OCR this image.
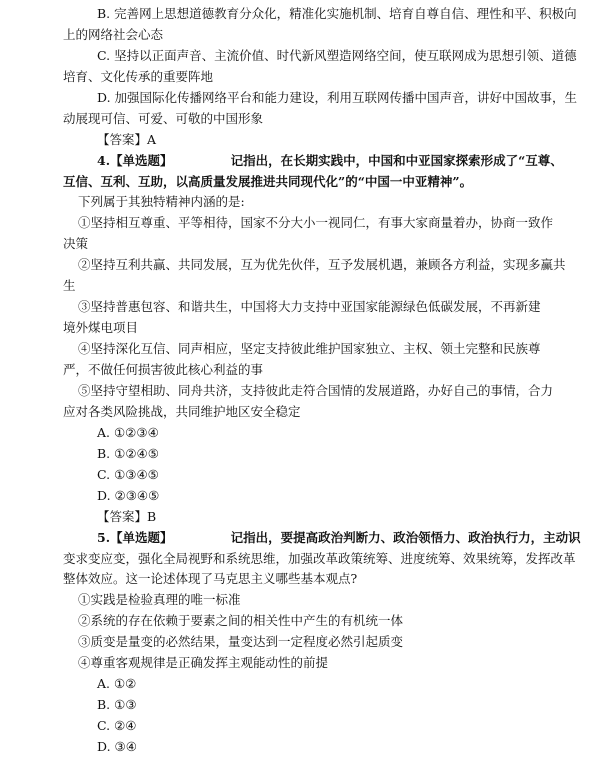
B. 完善网上思想道德教育分众化，精准化实施机制、培育自尊自信、理性和平、积极向
上的网络社会心态
C. 坚持以正面声音、主流价值、时代新风塑造网络空间，使互联网成为思想引领、道德
培育、文化传承的重要阵地
D. 加强国际化传播网络平台和能力建设，利用互联网传播中国声音，讲好中国故事，生
动展现可信、可爱、可敬的中国形象
【答案】A
4.【单选题】	记指出，在长期实践中，中国和中亚国家探索形成了“互尊、
互信、互利、互助，以高质量发展推进共同现代化”的“中国一中亚精神”。
下列属于其独特精神内涵的是:
①坚持相互尊重、平等相待，国家不分大小一视同仁，有事大家商量着办，协商一致作
决策
②坚持互利共赢、共同发展，互为优先伙伴，互予发展机遇，兼顾各方利益，实现多赢共
生
③坚持普惠包容、和谐共生，中国将大力支持中亚国家能源绿色低碳发展，不再新建
境外煤电项目
④坚持深化互信、同声相应，坚定支持彼此维护国家独立、主权、领土完整和民族尊
严，不做任何损害彼此核心利益的事
⑤坚持守望相助、同舟共济，支持彼此走符合国情的发展道路，办好自己的事情，合力
应对各类风险挑战，共同维护地区安全稳定
A. ①②③④
B. ①②④⑤
C. ①③④⑤
D. ②③④⑤
【答案】B
5.【单选题】	记指出，要提高政治判断力、政治领悟力、政治执行力，主动识
变求变应变，强化全局视野和系统思维，加强改革政策统筹、进度统筹、效果统筹，发挥改革
整体效应。这一论述体现了马克思主义哪些基本观点?
①实践是检验真理的唯一标准
②系统的存在依赖于要素之间的相关性中产生的有机统一体
③质变是量变的必然结果，量变达到一定程度必然引起质变
④尊重客观规律是正确发挥主观能动性的前提
A. ①②
B. ①③
C. ②④
D. ③④
